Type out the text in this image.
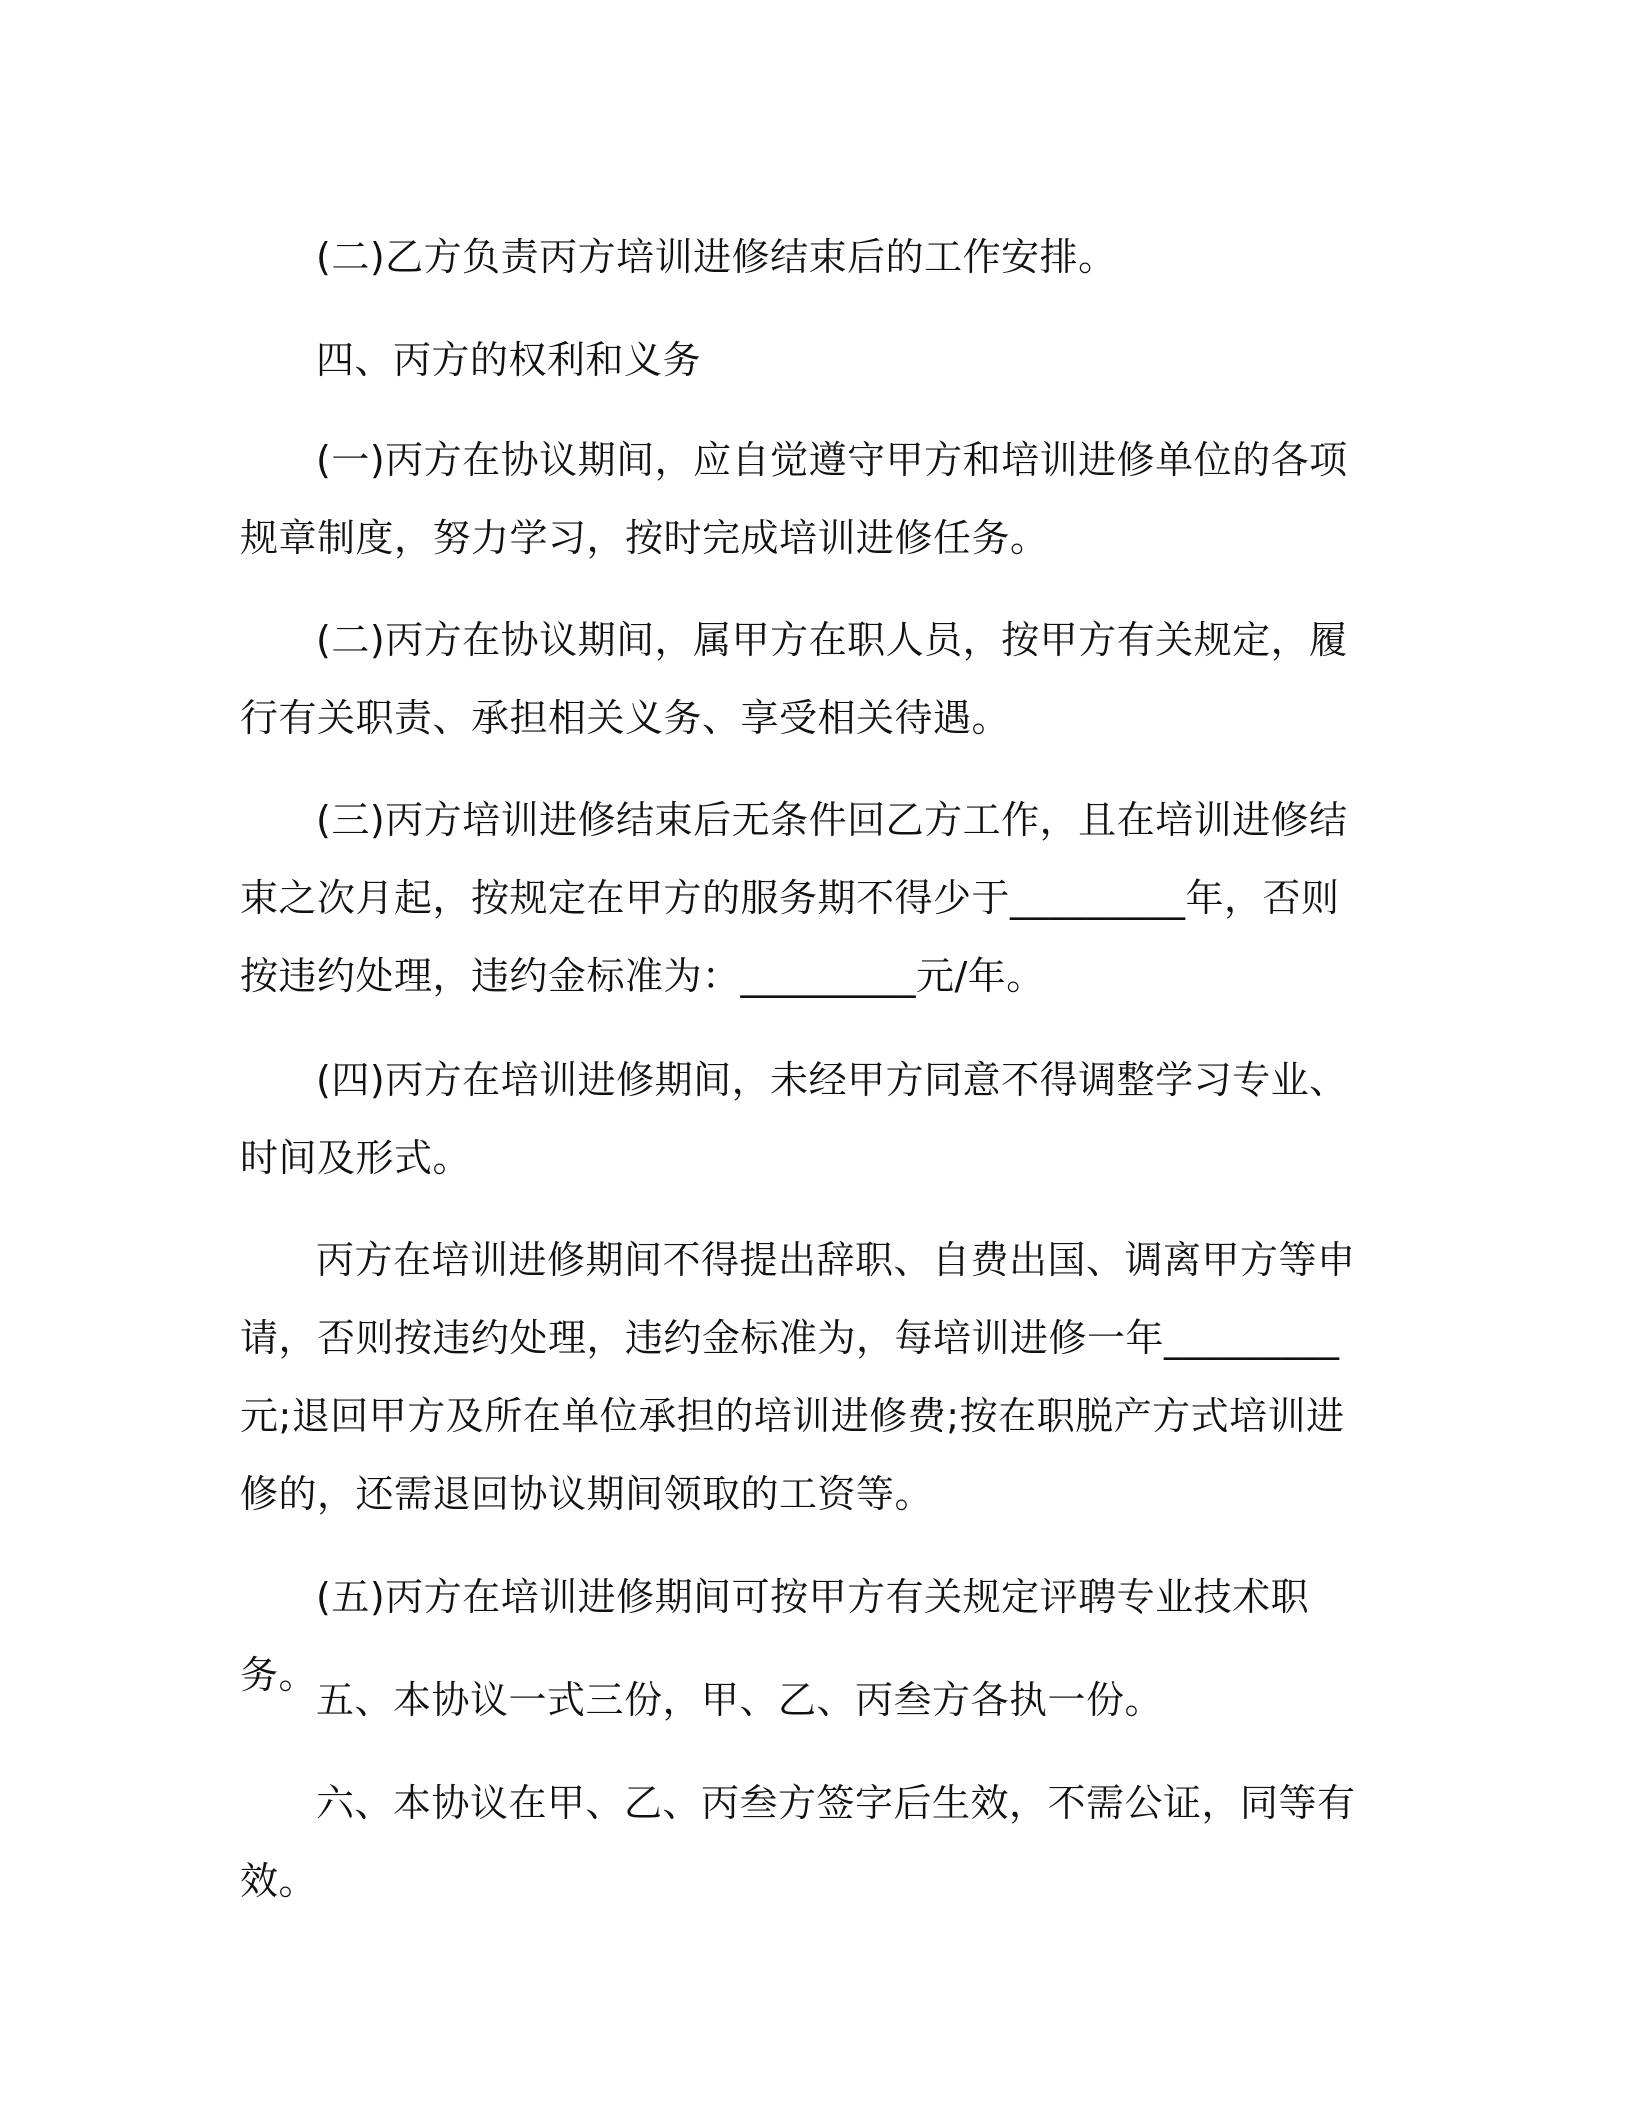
(二)乙方负责丙方培训进修结束后的工作安排。

四、丙方的权利和义务

(一)丙方在协议期间，应自觉遵守甲方和培训进修单位的各项规章制度，努力学习，按时完成培训进修任务。

(二)丙方在协议期间，属甲方在职人员，按甲方有关规定，履行有关职责、承担相关义务、享受相关待遇。

(三)丙方培训进修结束后无条件回乙方工作，且在培训进修结束之次月起，按规定在甲方的服务期不得少于_________年，否则按违约处理，违约金标准为：_________元/年。

(四)丙方在培训进修期间，未经甲方同意不得调整学习专业、时间及形式。

丙方在培训进修期间不得提出辞职、自费出国、调离甲方等申请，否则按违约处理，违约金标准为，每培训进修一年_________元;退回甲方及所在单位承担的培训进修费;按在职脱产方式培训进修的，还需退回协议期间领取的工资等。

(五)丙方在培训进修期间可按甲方有关规定评聘专业技术职务。

五、本协议一式三份，甲、乙、丙叁方各执一份。

六、本协议在甲、乙、丙叁方签字后生效，不需公证，同等有效。
